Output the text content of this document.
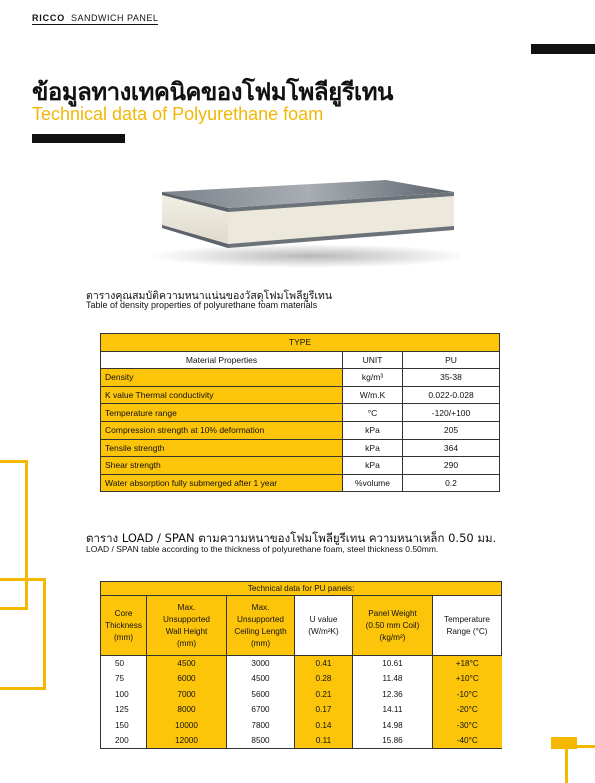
RICCO SANDWICH PANEL
ข้อมูลทางเทคนิคของโฟมโพลียูรีเทน
Technical data of Polyurethane foam
ตารางคุณสมบัติความหนาแน่นของวัสดุโฟมโพลียูรีเทน
Table of density properties of polyurethane foam materials
TYPE		
Material Properties	UNIT	PU
Density	kg/m³	35-38
K value Thermal conductivity	W/m.K	0.022-0.028
Temperature range	°C	-120/+100
Compression strength at 10% deformation	kPa	205
Tensile strength	kPa	364
Shear strength	kPa	290
Water absorption fully submerged after 1 year	%volume	0.2
ตาราง LOAD / SPAN ตามความหนาของโฟมโพลียูรีเทน ความหนาเหล็ก 0.50 มม.
LOAD / SPAN table according to the thickness of polyurethane foam, steel thickness 0.50mm.
Technical data for PU panels:					

Core
Thickness
(mm)	Max.
Unsupported
Wall Height
(mm)	Max.
Unsupported
Ceiling Length
(mm)	U value
(W/m²K)	Panel Weight
(0.50 mm Coil)
(kg/m²)	Temperature
Range (°C)

50	4500	3000	0.41	10.61	+18°C
75	6000	4500	0.28	11.48	+10°C
100	7000	5600	0.21	12.36	-10°C
125	8000	6700	0.17	14.11	-20°C
150	10000	7800	0.14	14.98	-30°C
200	12000	8500	0.11	15.86	-40°C
